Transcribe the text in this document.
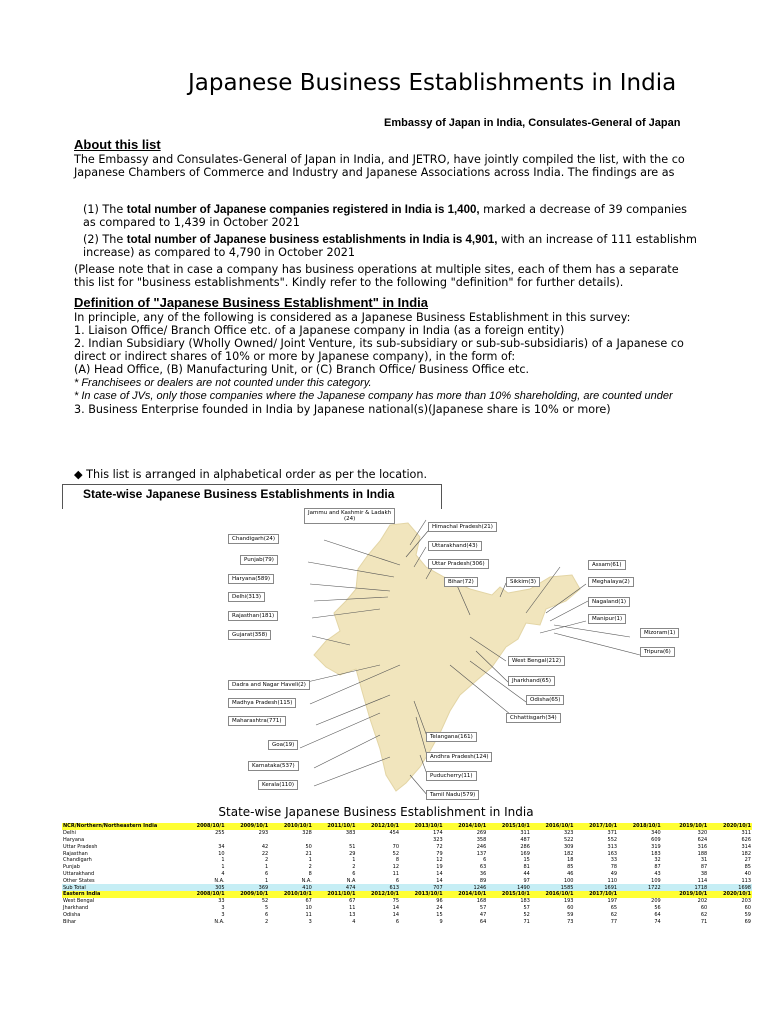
Japanese Business Establishments in India
Embassy of Japan in India, Consulates-General of Japan
About this list
The Embassy and Consulates-General of Japan in India, and JETRO, have jointly compiled the list, with the co
Japanese Chambers of Commerce and Industry and Japanese Associations across India. The findings are as
(1) The total number of Japanese companies registered in India is 1,400, marked a decrease of 39 companies
as compared to 1,439 in October 2021
(2) The total number of Japanese business establishments in India is 4,901, with an increase of 111 establishm
increase) as compared to 4,790 in October 2021
(Please note that in case a company has business operations at multiple sites, each of them has a separate
this list for "business establishments". Kindly refer to the following "definition" for further details).
Definition of "Japanese Business Establishment" in India
In principle, any of the following is considered as a Japanese Business Establishment in this survey:
1. Liaison Office/ Branch Office etc. of a Japanese company in India (as a foreign entity)
2. Indian Subsidiary (Wholly Owned/ Joint Venture, its sub-subsidiary or sub-sub-subsidiaris) of a Japanese co
direct or indirect shares of 10% or more by Japanese company), in the form of:
(A) Head Office, (B) Manufacturing Unit, or (C) Branch Office/ Business Office etc.
* Franchisees or dealers are not counted under this category.
* In case of JVs, only those companies where the Japanese company has more than 10% shareholding, are counted under
3. Business Enterprise founded in India by Japanese national(s)(Japanese share is 10% or more)
◆ This list is arranged in alphabetical order as per the location.
State-wise Japanese Business Establishments in India
Jammu and Kashmir & Ladakh
(24)
Himachal Pradesh(21)
Chandigarh(24)
Uttarakhand(43)
Punjab(79)
Uttar Pradesh(306)
Haryana(589)	Bihar(72)	Sikkim(3)
Assam(61)
Delhi(313)
Meghalaya(2)
Rajasthan(181)
Nagaland(1)
Gujarat(358)
Manipur(1)
Mizoram(1)
Tripura(6)
West Bengal(212)
Jharkhand(65)
Dadra and Nagar Haveli(2)
Odisha(65)
Madhya Pradesh(115)
Chhattisgarh(34)
Maharashtra(771)
Telangana(161)
Goa(19)
Andhra Pradesh(124)
Karnataka(537)
Puducherry(11)
Kerala(110)
Tamil Nadu(579)
State-wise Japanese Business Establishment in India
NCR/Northern/Northeastern India	2008/10/1	2009/10/1	2010/10/1	2011/10/1	2012/10/1	2013/10/1	2014/10/1	2015/10/1	2016/10/1	2017/10/1	2018/10/1		2019/10/1	2020/10/1
Delhi	255	293	328	383	454	174	269	311	323	371	340		320	311
Haryana						323	358	487	522	552	609		624	626
Uttar Pradesh	34	42	50	51	70	72	246	286	309	313	319		316	314
Rajasthan	10	22	21	29	52	79	137	169	182	163	183		188	182
Chandigarh	1	2	1	1	8	12	6	15	18	33	32		31	27
Punjab	1	1	2	2	12	19	63	81	85	78	87		87	85
Uttarakhand	4	6	8	6	11	14	36	44	46	49	43		38	40
Other States	N.A.	1	N.A.	N.A	6	14	89	97	100	110	109		114	113
Sub Total	305	369	410	474	613	707	1246	1490	1585	1691	1722		1718	1698
Eastern India	2008/10/1	2009/10/1	2010/10/1	2011/10/1	2012/10/1	2013/10/1	2014/10/1	2015/10/1	2016/10/1	2017/10/1			2019/10/1	2020/10/1
West Bengal	33	52	67	67	75	96	168	183	193	197	209		202	203
Jharkhand	3	5	10	11	14	24	57	57	60	65	56		60	60
Odisha	3	6	11	13	14	15	47	52	59	62	64		62	59
Bihar	N.A.	2	3	4	6	9	64	71	73	77	74		71	69
